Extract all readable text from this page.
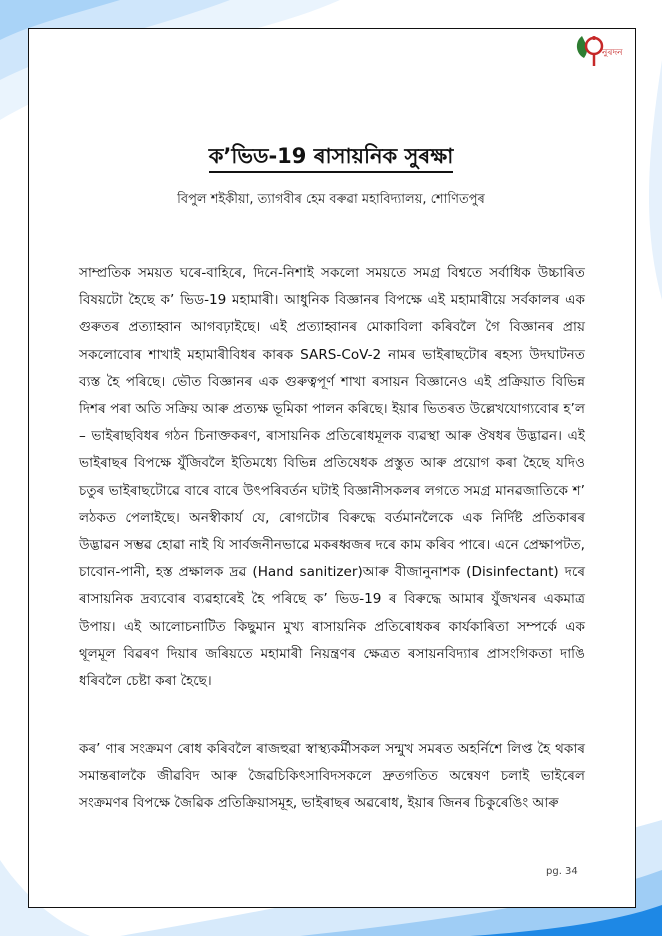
নুৰদন
ক’ভিড-19 ৰাসায়নিক সুৰক্ষা

বিপুল শইকীয়া, ত্যাগবীৰ হেম বৰুৱা মহাবিদ্যালয়, শোণিতপুৰ

সাম্প্রতিক সময়ত ঘৰে-বাহিৰে, দিনে-নিশাই সকলো সময়তে সমগ্ৰ বিশ্বতে সৰ্বাধিক উচ্চাৰিত বিষয়টো হৈছে ক’ ভিড-19 মহামাৰী। আধুনিক বিজ্ঞানৰ বিপক্ষে এই মহামাৰীয়ে সৰ্বকালৰ এক গুৰুতৰ প্ৰত্যাহ্বান আগবঢ়াইছে। এই প্ৰত্যাহ্বানৰ মোকাবিলা কৰিবলৈ গৈ বিজ্ঞানৰ প্ৰায় সকলোবোৰ শাখাই মহামাৰীবিধৰ কাৰক SARS-CoV-2 নামৰ ভাইৰাছটোৰ ৰহস্য উদঘাটনত ব্যস্ত হৈ পৰিছে। ভৌত বিজ্ঞানৰ এক গুৰুত্বপূৰ্ণ শাখা ৰসায়ন বিজ্ঞানেও এই প্ৰক্ৰিয়াত বিভিন্ন দিশৰ পৰা অতি সক্ৰিয় আৰু প্ৰত্যক্ষ ভূমিকা পালন কৰিছে। ইয়াৰ ভিতৰত উল্লেখযোগ্যবোৰ হ’ল – ভাইৰাছবিধৰ গঠন চিনাক্তকৰণ, ৰাসায়নিক প্ৰতিৰোধমূলক ব্যৱস্থা আৰু ঔষধৰ উদ্ভাৱন। এই ভাইৰাছৰ বিপক্ষে যুঁজিবলৈ ইতিমধ্যে বিভিন্ন প্ৰতিষেধক প্ৰস্তুত আৰু প্ৰয়োগ কৰা হৈছে যদিও চতুৰ ভাইৰাছটোৱে বাৰে বাৰে উৎপৰিবৰ্তন ঘটাই বিজ্ঞানীসকলৰ লগতে সমগ্ৰ মানৱজাতিকে শ’ লঠকত পেলাইছে। অনস্বীকাৰ্য যে, ৰোগটোৰ বিৰুদ্ধে বৰ্তমানলৈকে এক নিৰ্দিষ্ট প্ৰতিকাৰৰ উদ্ভাৱন সম্ভৱ হোৱা নাই যি সাৰ্বজনীনভাৱে মকৰধ্বজৰ দৰে কাম কৰিব পাৰে। এনে প্ৰেক্ষাপটত, চাবোন-পানী, হস্ত প্ৰক্ষালক দ্ৰৱ (Hand sanitizer)আৰু বীজানুনাশক (Disinfectant) দৰে ৰাসায়নিক দ্ৰব্যবোৰ ব্যৱহাৰেই হৈ পৰিছে ক’ ভিড-19 ৰ বিৰুদ্ধে আমাৰ যুঁজখনৰ একমাত্ৰ উপায়। এই আলোচনাটিত কিছুমান মুখ্য ৰাসায়নিক প্ৰতিৰোধকৰ কাৰ্যকাৰিতা সম্পৰ্কে এক থূলমূল বিৱৰণ দিয়াৰ জৰিয়তে মহামাৰী নিয়ন্ত্ৰণৰ ক্ষেত্ৰত ৰসায়নবিদ্যাৰ প্ৰাসংগিকতা দাঙি ধৰিবলৈ চেষ্টা কৰা হৈছে।

কৰ’ ণাৰ সংক্ৰমণ ৰোধ কৰিবলৈ ৰাজহুৱা স্বাস্থ্যকৰ্মীসকল সন্মুখ সমৰত অহৰ্নিশে লিপ্ত হৈ থকাৰ সমান্তৰালকৈ জীৱবিদ আৰু জৈৱচিকিৎসাবিদসকলে দ্ৰুতগতিত অন্বেষণ চলাই ভাইৰেল সংক্ৰমণৰ বিপক্ষে জৈৱিক প্ৰতিক্ৰিয়াসমূহ, ভাইৰাছৰ অৱৰোধ, ইয়াৰ জিনৰ চিকুৰেঙিং আৰু

pg. 34
